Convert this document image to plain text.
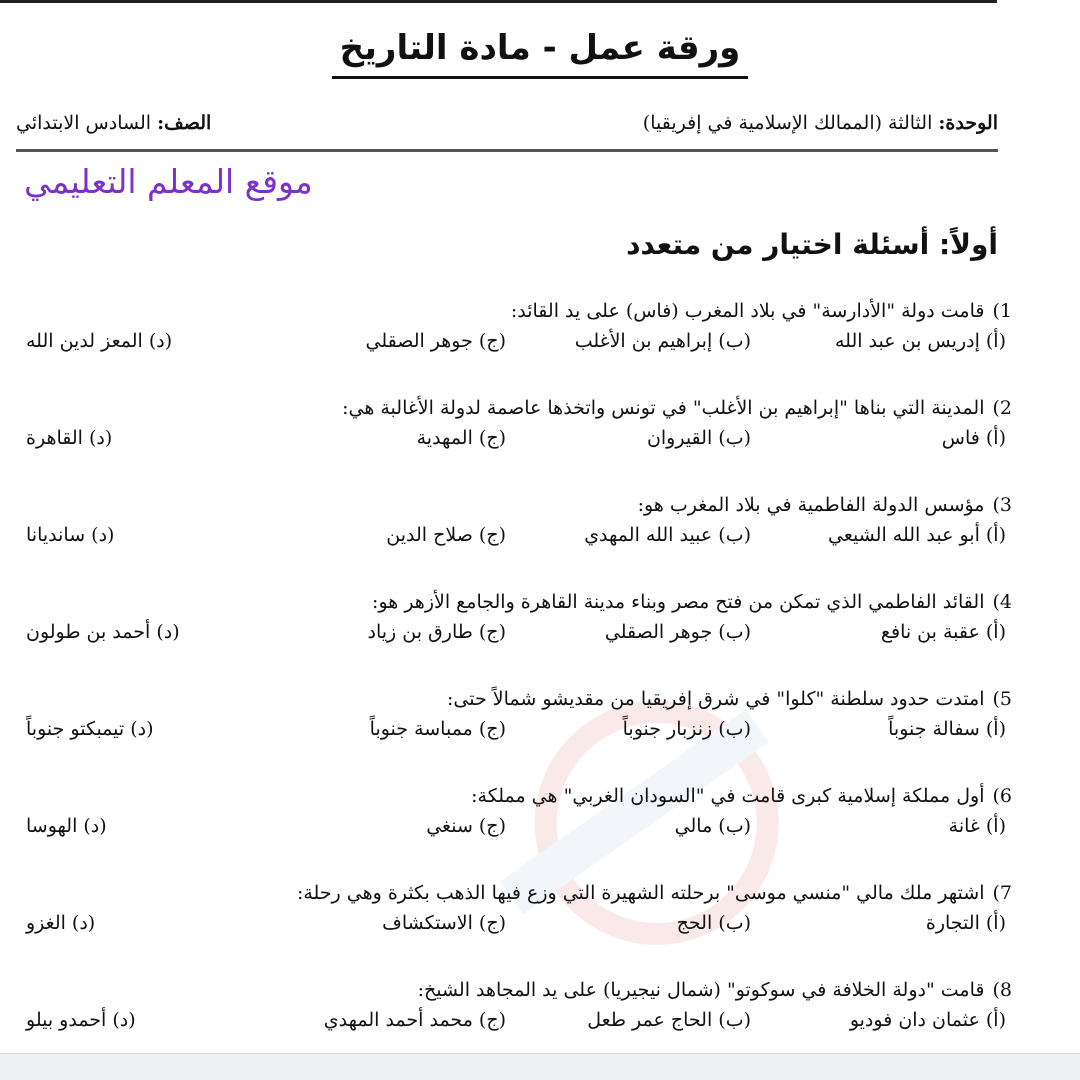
ورقة عمل - مادة التاريخ
الوحدة: الثالثة (الممالك الإسلامية في إفريقيا)
الصف: السادس الابتدائي
موقع المعلم التعليمي
أولاً: أسئلة اختيار من متعدد
1)قامت دولة "الأدارسة" في بلاد المغرب (فاس) على يد القائد:
(أ) إدريس بن عبد الله
(ب) إبراهيم بن الأغلب
(ج) جوهر الصقلي
(د) المعز لدين الله
2)المدينة التي بناها "إبراهيم بن الأغلب" في تونس واتخذها عاصمة لدولة الأغالبة هي:
(أ) فاس
(ب) القيروان
(ج) المهدية
(د) القاهرة
3)مؤسس الدولة الفاطمية في بلاد المغرب هو:
(أ) أبو عبد الله الشيعي
(ب) عبيد الله المهدي
(ج) صلاح الدين
(د) سانديانا
4)القائد الفاطمي الذي تمكن من فتح مصر وبناء مدينة القاهرة والجامع الأزهر هو:
(أ) عقبة بن نافع
(ب) جوهر الصقلي
(ج) طارق بن زياد
(د) أحمد بن طولون
5)امتدت حدود سلطنة "كلوا" في شرق إفريقيا من مقديشو شمالاً حتى:
(أ) سفالة جنوباً
(ب) زنزبار جنوباً
(ج) ممباسة جنوباً
(د) تيمبكتو جنوباً
6)أول مملكة إسلامية كبرى قامت في "السودان الغربي" هي مملكة:
(أ) غانة
(ب) مالي
(ج) سنغي
(د) الهوسا
7)اشتهر ملك مالي "منسي موسى" برحلته الشهيرة التي وزع فيها الذهب بكثرة وهي رحلة:
(أ) التجارة
(ب) الحج
(ج) الاستكشاف
(د) الغزو
8)قامت "دولة الخلافة في سوكوتو" (شمال نيجيريا) على يد المجاهد الشيخ:
(أ) عثمان دان فوديو
(ب) الحاج عمر طعل
(ج) محمد أحمد المهدي
(د) أحمدو بيلو
